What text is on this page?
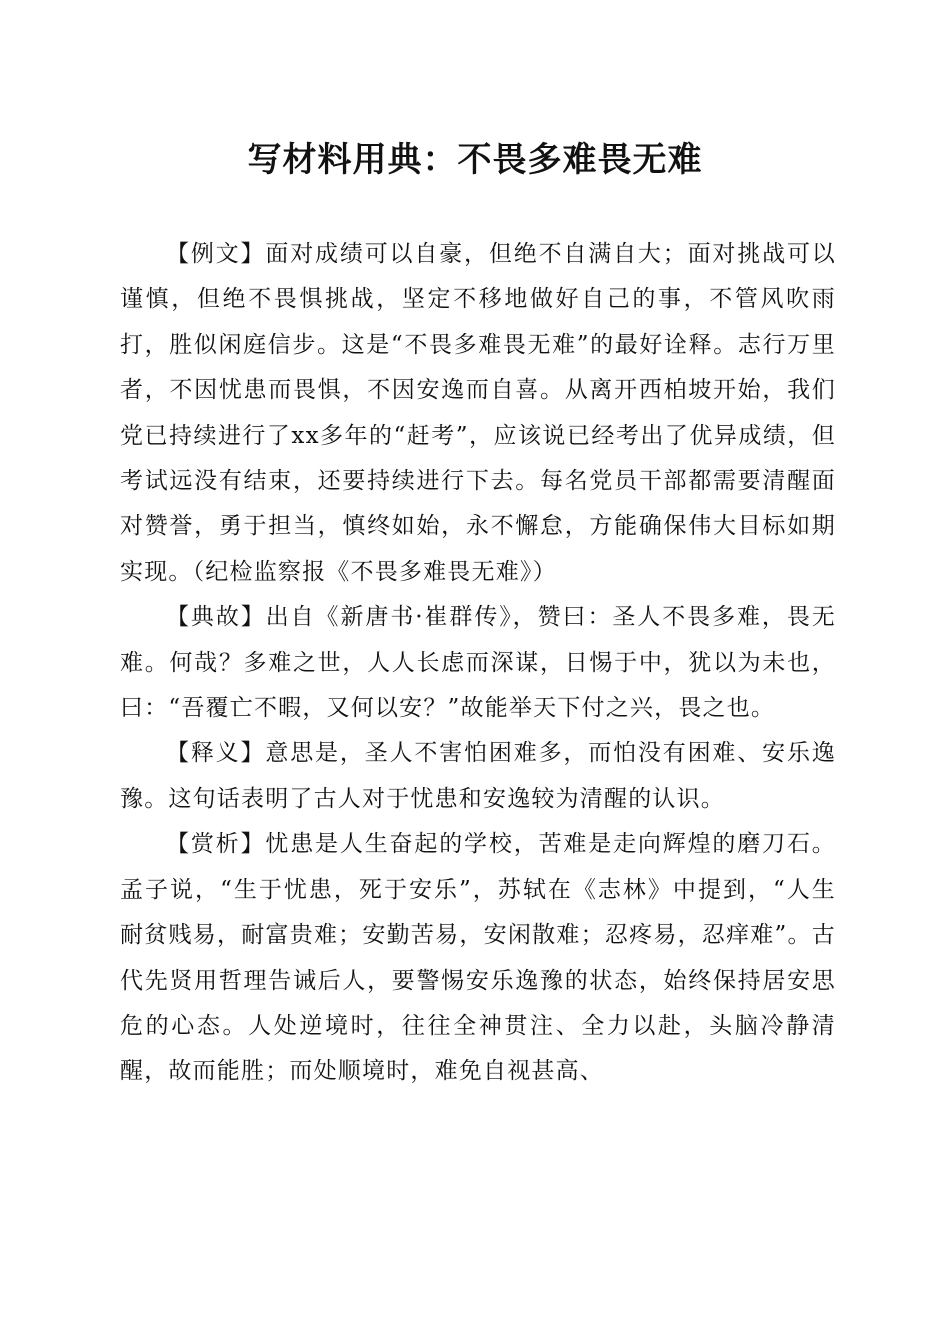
写材料用典：不畏多难畏无难

【例文】面对成绩可以自豪，但绝不自满自大；面对挑战可以谨慎，但绝不畏惧挑战，坚定不移地做好自己的事，不管风吹雨打，胜似闲庭信步。这是“不畏多难畏无难”的最好诠释。志行万里者，不因忧患而畏惧，不因安逸而自喜。从离开西柏坡开始，我们党已持续进行了xx多年的“赶考”，应该说已经考出了优异成绩，但考试远没有结束，还要持续进行下去。每名党员干部都需要清醒面对赞誉，勇于担当，慎终如始，永不懈怠，方能确保伟大目标如期实现。（纪检监察报《不畏多难畏无难》）

【典故】出自《新唐书·崔群传》，赞曰：圣人不畏多难，畏无难。何哉？多难之世，人人长虑而深谋，日惕于中，犹以为未也，曰：“吾覆亡不暇，又何以安？”故能举天下付之兴，畏之也。

【释义】意思是，圣人不害怕困难多，而怕没有困难、安乐逸豫。这句话表明了古人对于忧患和安逸较为清醒的认识。

【赏析】忧患是人生奋起的学校，苦难是走向辉煌的磨刀石。孟子说，“生于忧患，死于安乐”，苏轼在《志林》中提到，“人生耐贫贱易，耐富贵难；安勤苦易，安闲散难；忍疼易，忍痒难”。古代先贤用哲理告诫后人，要警惕安乐逸豫的状态，始终保持居安思危的心态。人处逆境时，往往全神贯注、全力以赴，头脑冷静清醒，故而能胜；而处顺境时，难免自视甚高、
